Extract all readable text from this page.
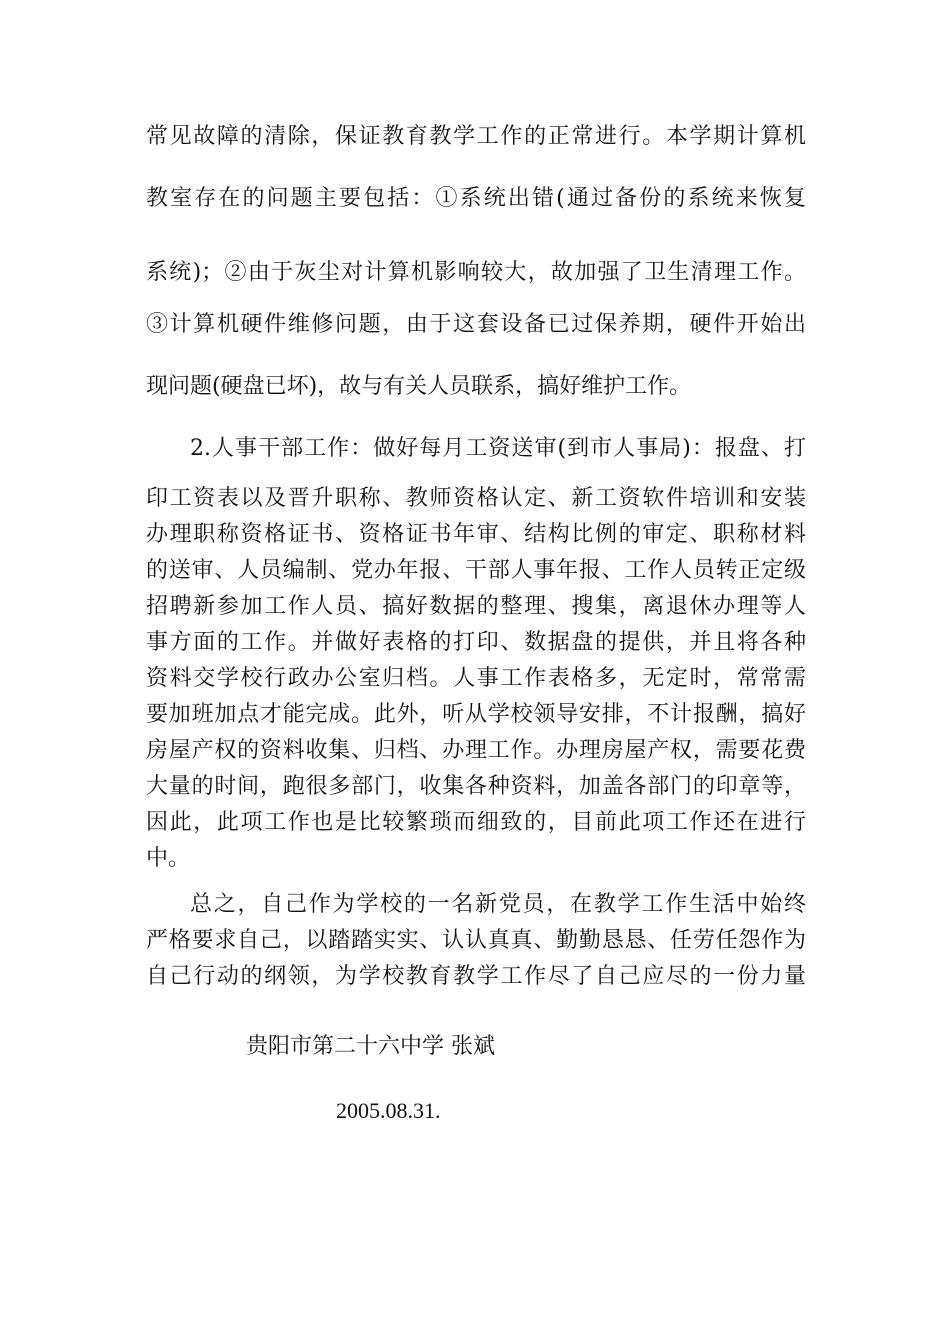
常见故障的清除，保证教育教学工作的正常进行。本学期计算机
教室存在的问题主要包括：①系统出错(通过备份的系统来恢复
系统)；②由于灰尘对计算机影响较大，故加强了卫生清理工作。
③计算机硬件维修问题，由于这套设备已过保养期，硬件开始出
现问题(硬盘已坏)，故与有关人员联系，搞好维护工作。
2.人事干部工作：做好每月工资送审(到市人事局)：报盘、打
印工资表以及晋升职称、教师资格认定、新工资软件培训和安装
办理职称资格证书、资格证书年审、结构比例的审定、职称材料
的送审、人员编制、党办年报、干部人事年报、工作人员转正定级
招聘新参加工作人员、搞好数据的整理、搜集，离退休办理等人
事方面的工作。并做好表格的打印、数据盘的提供，并且将各种
资料交学校行政办公室归档。人事工作表格多，无定时，常常需
要加班加点才能完成。此外，听从学校领导安排，不计报酬，搞好
房屋产权的资料收集、归档、办理工作。办理房屋产权，需要花费
大量的时间，跑很多部门，收集各种资料，加盖各部门的印章等，
因此，此项工作也是比较繁琐而细致的，目前此项工作还在进行
中。
总之，自己作为学校的一名新党员，在教学工作生活中始终
严格要求自己，以踏踏实实、认认真真、勤勤恳恳、任劳任怨作为
自己行动的纲领，为学校教育教学工作尽了自己应尽的一份力量
贵阳市第二十六中学 张斌
2005.08.31.
